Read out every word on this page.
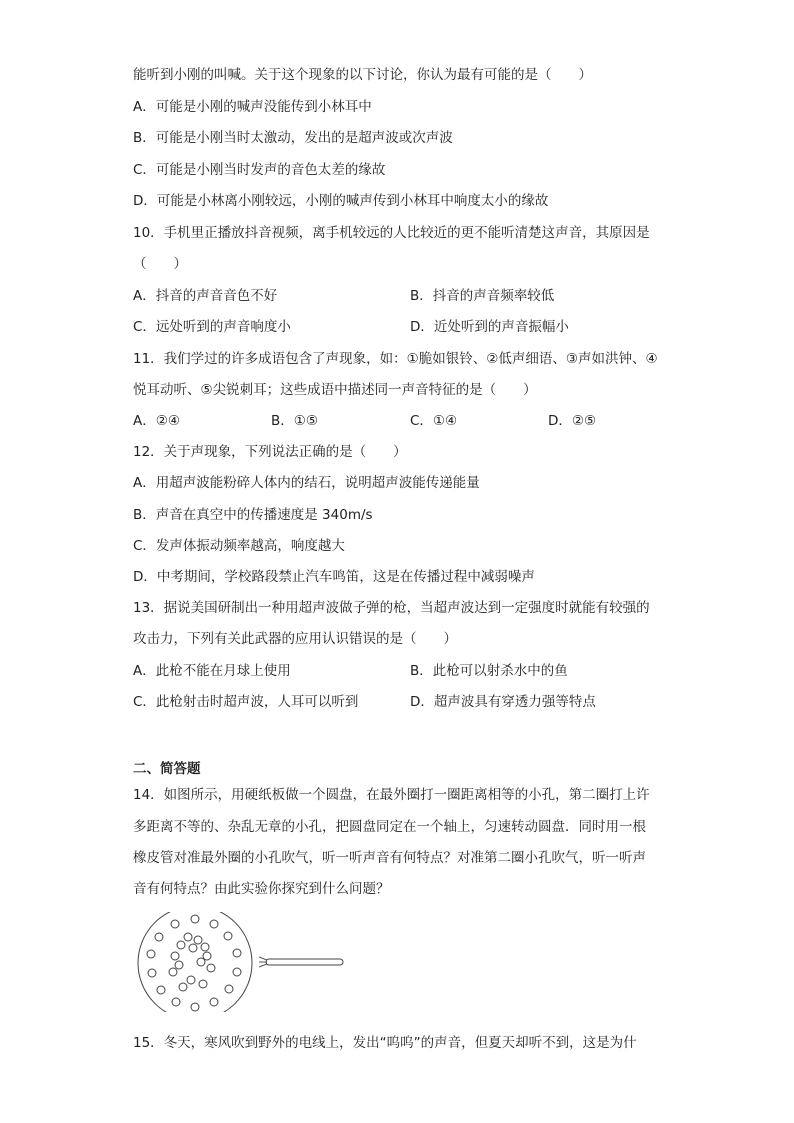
能听到小刚的叫喊。关于这个现象的以下讨论，你认为最有可能的是（　　）
A．可能是小刚的喊声没能传到小林耳中
B．可能是小刚当时太激动，发出的是超声波或次声波
C．可能是小刚当时发声的音色太差的缘故
D．可能是小林离小刚较远，小刚的喊声传到小林耳中响度太小的缘故
10．手机里正播放抖音视频，离手机较远的人比较近的更不能听清楚这声音，其原因是
（　　）
A．抖音的声音音色不好	B．抖音的声音频率较低
C．远处听到的声音响度小	D．近处听到的声音振幅小
11．我们学过的许多成语包含了声现象，如：①脆如银铃、②低声细语、③声如洪钟、④
悦耳动听、⑤尖锐刺耳；这些成语中描述同一声音特征的是（　　）
A．②④	B．①⑤	C．①④	D．②⑤
12．关于声现象，下列说法正确的是（　　）
A．用超声波能粉碎人体内的结石，说明超声波能传递能量
B．声音在真空中的传播速度是 340m/s
C．发声体振动频率越高，响度越大
D．中考期间，学校路段禁止汽车鸣笛，这是在传播过程中减弱噪声
13．据说美国研制出一种用超声波做子弹的枪，当超声波达到一定强度时就能有较强的
攻击力，下列有关此武器的应用认识错误的是（　　）
A．此枪不能在月球上使用	B．此枪可以射杀水中的鱼
C．此枪射击时超声波，人耳可以听到	D．超声波具有穿透力强等特点
二、简答题
14．如图所示，用硬纸板做一个圆盘，在最外圈打一圈距离相等的小孔，第二圈打上许
多距离不等的、杂乱无章的小孔，把圆盘同定在一个轴上，匀速转动圆盘．同时用一根
橡皮管对准最外圈的小孔吹气，听一听声音有何特点？对准第二圈小孔吹气，听一听声
音有何特点？由此实验你探究到什么问题？
15．冬天，寒风吹到野外的电线上，发出“呜呜”的声音，但夏天却听不到，这是为什
